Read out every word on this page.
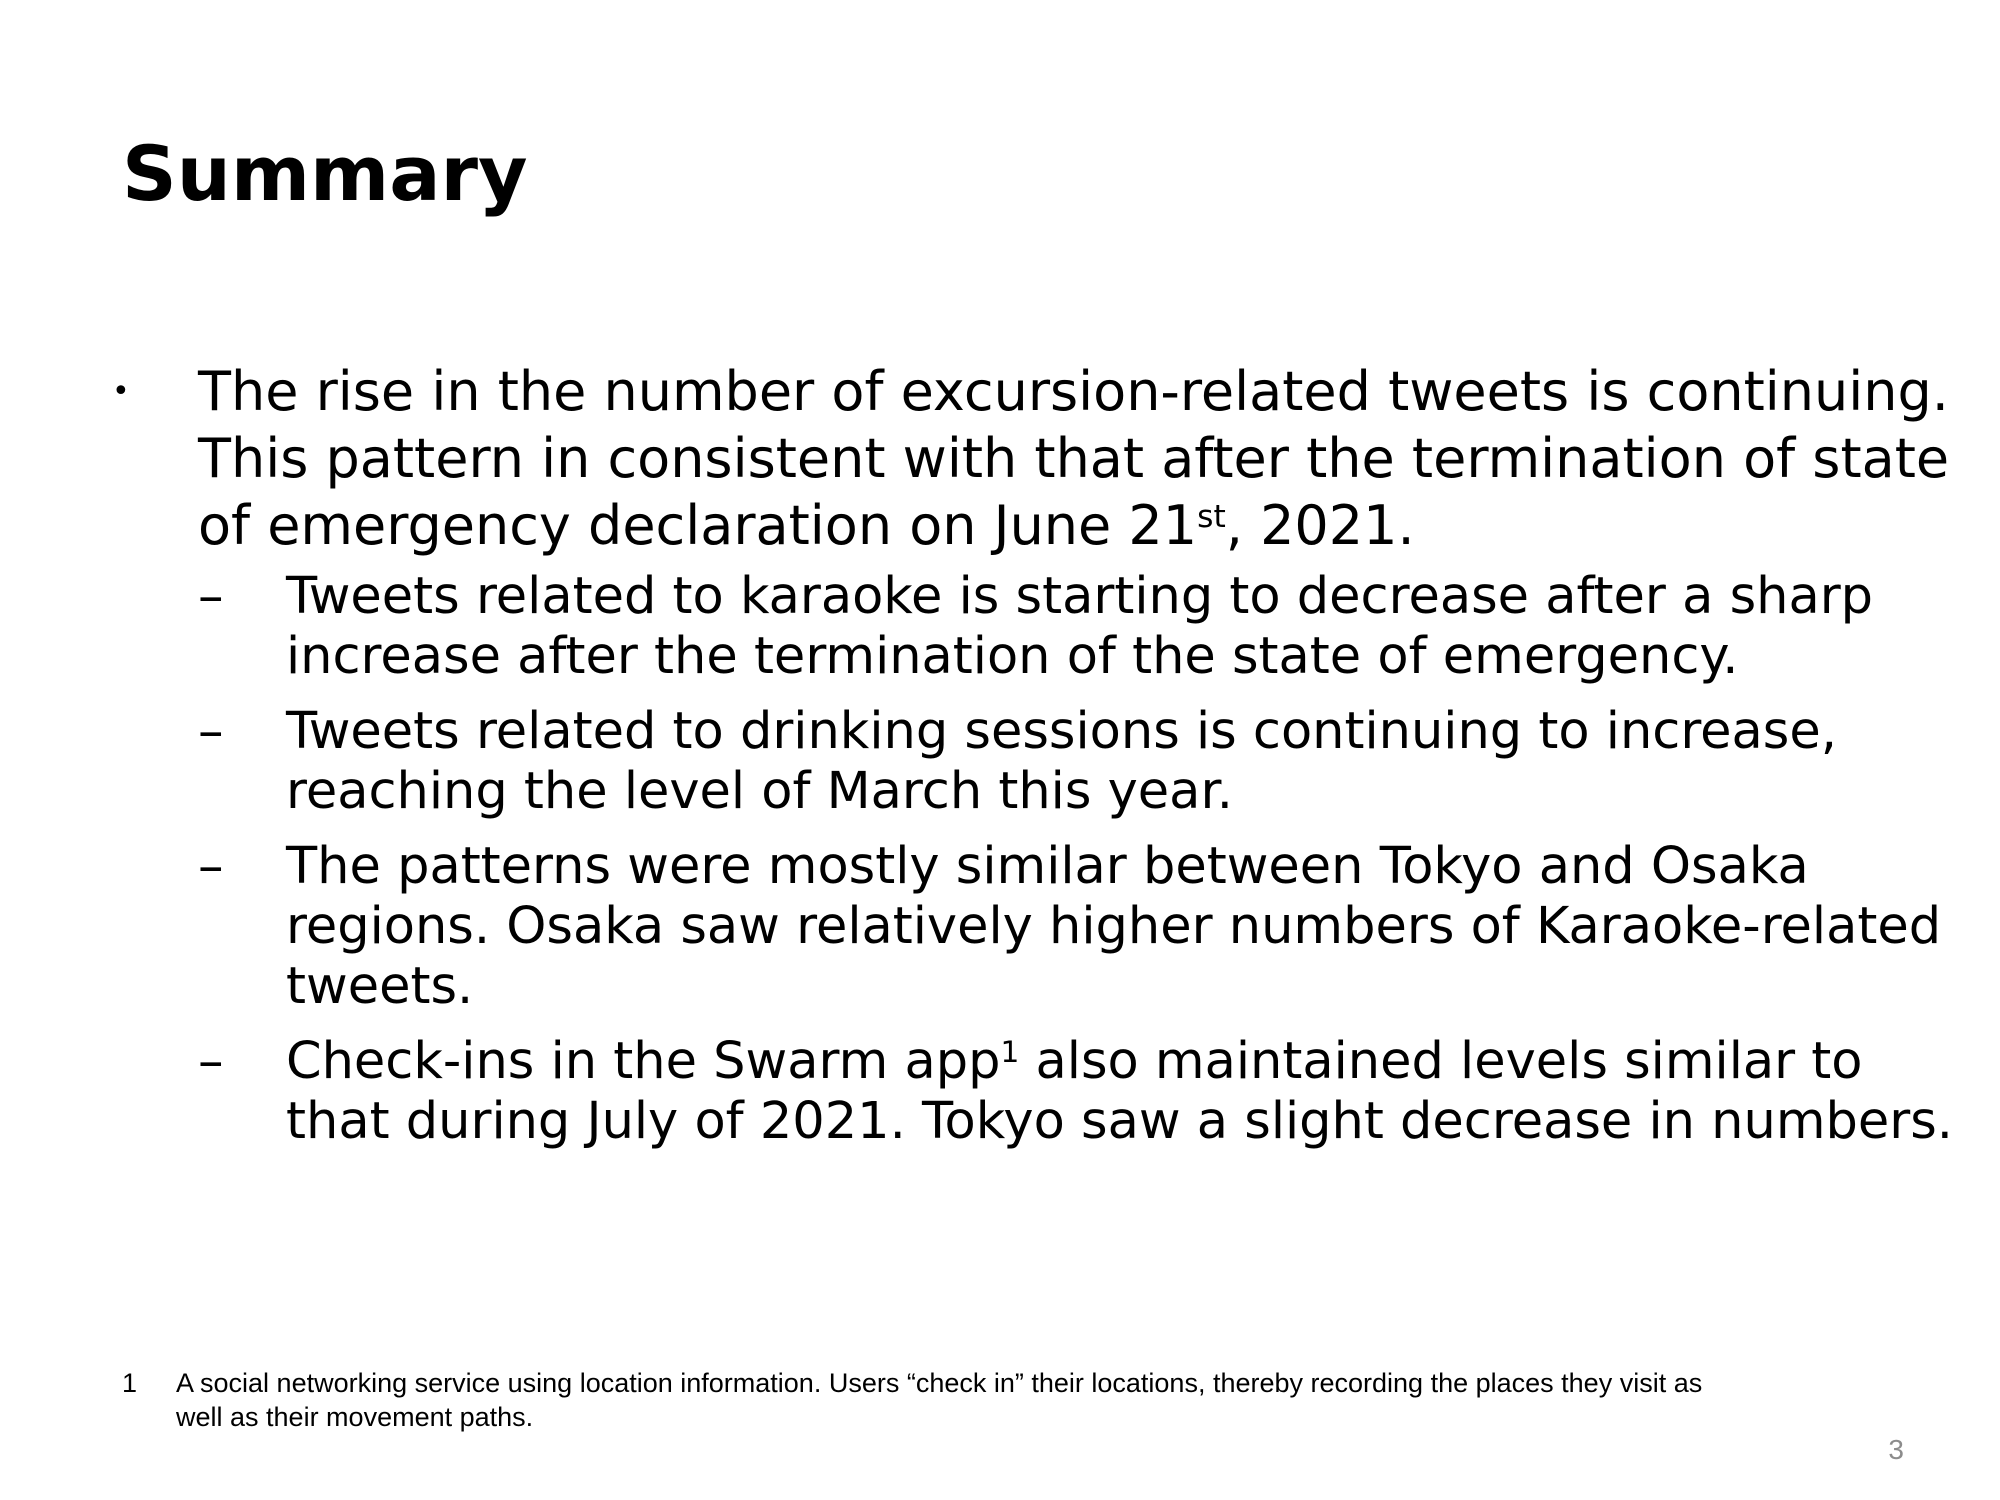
Summary
• The rise in the number of excursion-related tweets is continuing. This pattern in consistent with that after the termination of state of emergency declaration on June 21st, 2021.
– Tweets related to karaoke is starting to decrease after a sharp increase after the termination of the state of emergency.
– Tweets related to drinking sessions is continuing to increase, reaching the level of March this year.
– The patterns were mostly similar between Tokyo and Osaka regions. Osaka saw relatively higher numbers of Karaoke-related tweets.
– Check-ins in the Swarm app$^1$ also maintained levels similar to that during July of 2021. Tokyo saw a slight decrease in numbers.
1	A social networking service using location information. Users “check in” their locations, thereby recording the places they visit as well as their movement paths.
3
